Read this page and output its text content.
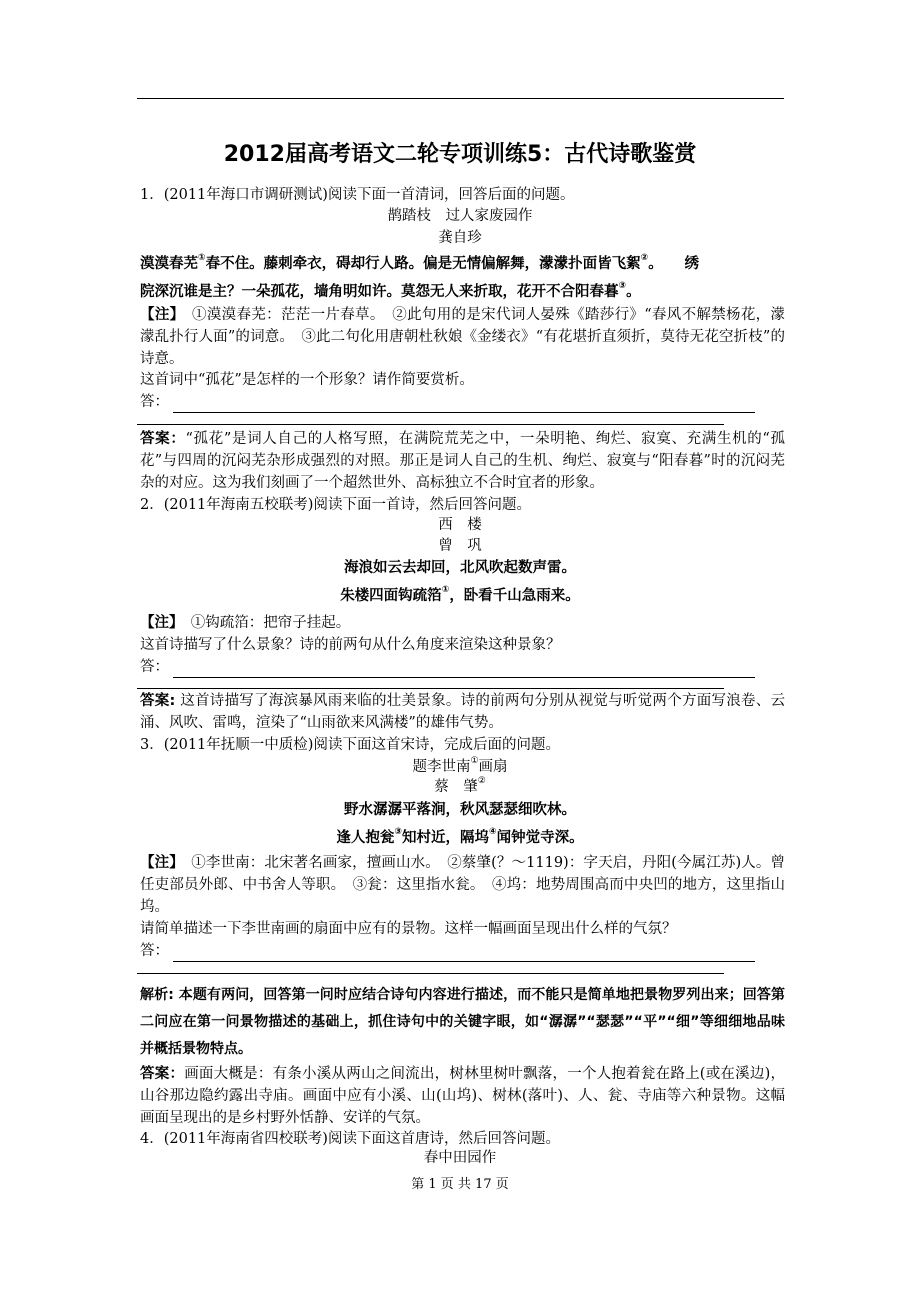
2012届高考语文二轮专项训练5：古代诗歌鉴赏
1．(2011年海口市调研测试)阅读下面一首清词，回答后面的问题。
鹊踏枝　过人家废园作
龚自珍
漠漠春芜①春不住。藤刺牵衣，碍却行人路。偏是无情偏解舞，濛濛扑面皆飞絮②。　　绣
院深沉谁是主？一朵孤花，墙角明如许。莫怨无人来折取，花开不合阳春暮③。
【注】　①漠漠春芜：茫茫一片春草。　②此句用的是宋代词人晏殊《踏莎行》“春风不解禁杨花，濛濛乱扑行人面”的词意。　③此二句化用唐朝杜秋娘《金缕衣》“有花堪折直须折，莫待无花空折枝”的诗意。
这首词中“孤花”是怎样的一个形象？请作简要赏析。
答：
答案：“孤花”是词人自己的人格写照，在满院荒芜之中，一朵明艳、绚烂、寂寞、充满生机的“孤花”与四周的沉闷芜杂形成强烈的对照。那正是词人自己的生机、绚烂、寂寞与“阳春暮”时的沉闷芜杂的对应。这为我们刻画了一个超然世外、高标独立不合时宜者的形象。
2．(2011年海南五校联考)阅读下面一首诗，然后回答问题。
西　楼
曾　巩
海浪如云去却回，北风吹起数声雷。
朱楼四面钩疏箔①，卧看千山急雨来。
【注】　①钩疏箔：把帘子挂起。
这首诗描写了什么景象？诗的前两句从什么角度来渲染这种景象？
答：
答案: 这首诗描写了海滨暴风雨来临的壮美景象。诗的前两句分别从视觉与听觉两个方面写浪卷、云涌、风吹、雷鸣，渲染了“山雨欲来风满楼”的雄伟气势。
3．(2011年抚顺一中质检)阅读下面这首宋诗，完成后面的问题。
题李世南①画扇
蔡　肇②
野水潺潺平落涧，秋风瑟瑟细吹林。
逢人抱瓮③知村近，隔坞④闻钟觉寺深。
【注】　①李世南：北宋著名画家，擅画山水。　②蔡肇(？～1119)：字天启，丹阳(今属江苏)人。曾任吏部员外郎、中书舍人等职。　③瓮：这里指水瓮。　④坞：地势周围高而中央凹的地方，这里指山坞。
请简单描述一下李世南画的扇面中应有的景物。这样一幅画面呈现出什么样的气氛？
答：
解析: 本题有两问，回答第一问时应结合诗句内容进行描述，而不能只是简单地把景物罗列出来；回答第二问应在第一问景物描述的基础上，抓住诗句中的关键字眼，如“潺潺”“瑟瑟”“平”“细”等细细地品味并概括景物特点。
答案：画面大概是：有条小溪从两山之间流出，树林里树叶飘落，一个人抱着瓮在路上(或在溪边)，山谷那边隐约露出寺庙。画面中应有小溪、山(山坞)、树林(落叶)、人、瓮、寺庙等六种景物。这幅画面呈现出的是乡村野外恬静、安详的气氛。
4．(2011年海南省四校联考)阅读下面这首唐诗，然后回答问题。
春中田园作
第 1 页 共 17 页
